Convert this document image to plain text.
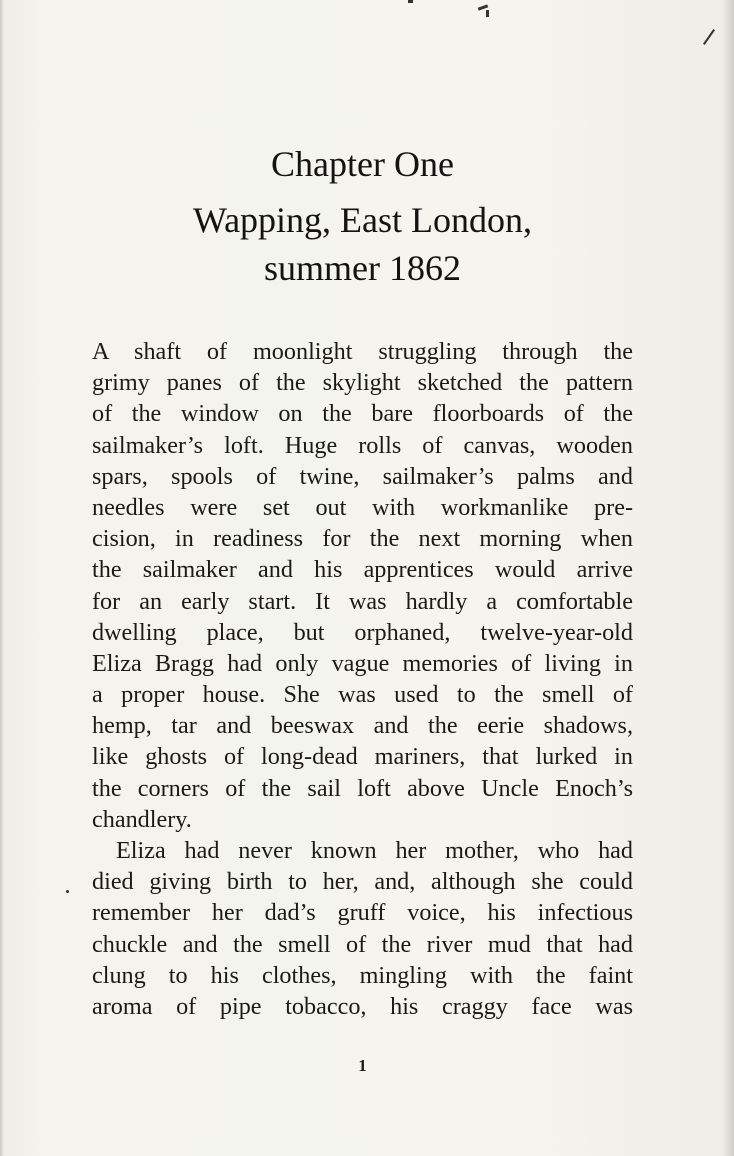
Chapter One
Wapping, East London,
summer 1862
A shaft of moonlight struggling through the
grimy panes of the skylight sketched the pattern
of the window on the bare floorboards of the
sailmaker’s loft. Huge rolls of canvas, wooden
spars, spools of twine, sailmaker’s palms and
needles were set out with workmanlike pre-
cision, in readiness for the next morning when
the sailmaker and his apprentices would arrive
for an early start. It was hardly a comfortable
dwelling place, but orphaned, twelve-year-old
Eliza Bragg had only vague memories of living in
a proper house. She was used to the smell of
hemp, tar and beeswax and the eerie shadows,
like ghosts of long-dead mariners, that lurked in
the corners of the sail loft above Uncle Enoch’s
chandlery.
Eliza had never known her mother, who had
died giving birth to her, and, although she could
remember her dad’s gruff voice, his infectious
chuckle and the smell of the river mud that had
clung to his clothes, mingling with the faint
aroma of pipe tobacco, his craggy face was
1
